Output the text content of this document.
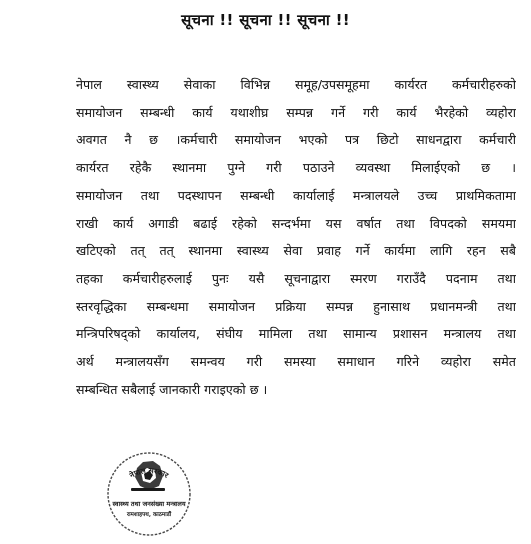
सूचना !! सूचना !! सूचना !!
नेपाल स्वास्थ्य सेवाका विभिन्न समूह/उपसमूहमा कार्यरत कर्मचारीहरुको
समायोजन सम्बन्धी कार्य यथाशीघ्र सम्पन्न गर्ने गरी कार्य भैरहेको व्यहोरा
अवगत नै छ ।कर्मचारी समायोजन भएको पत्र छिटो साधनद्वारा कर्मचारी
कार्यरत रहेकै स्थानमा पुग्ने गरी पठाउने व्यवस्था मिलाईएको छ ।
समायोजन तथा पदस्थापन सम्बन्धी कार्यालाई मन्त्रालयले उच्च प्राथमिकतामा
राखी कार्य अगाडी बढाई रहेको सन्दर्भमा यस वर्षात तथा विपदको समयमा
खटिएको तत् तत् स्थानमा स्वास्थ्य सेवा प्रवाह गर्ने कार्यमा लागि रहन सबै
तहका कर्मचारीहरुलाई पुनः यसै सूचनाद्वारा स्मरण गराउँदै पदनाम तथा
स्तरवृद्धिका सम्बन्धमा समायोजन प्रक्रिया सम्पन्न हुनासाथ प्रधानमन्त्री तथा
मन्त्रिपरिषद्को कार्यालय, संघीय मामिला तथा सामान्य प्रशासन मन्त्रालय तथा
अर्थ मन्त्रालयसँग समन्वय गरी समस्या समाधान गरिने व्यहोरा समेत
सम्बन्धित सबैलाई जानकारी गराइएको छ ।
नेपाल सरकार
स्वास्थ्य तथा जनसंख्या मन्त्रालय
रामशाहपथ, काठमाडौं
